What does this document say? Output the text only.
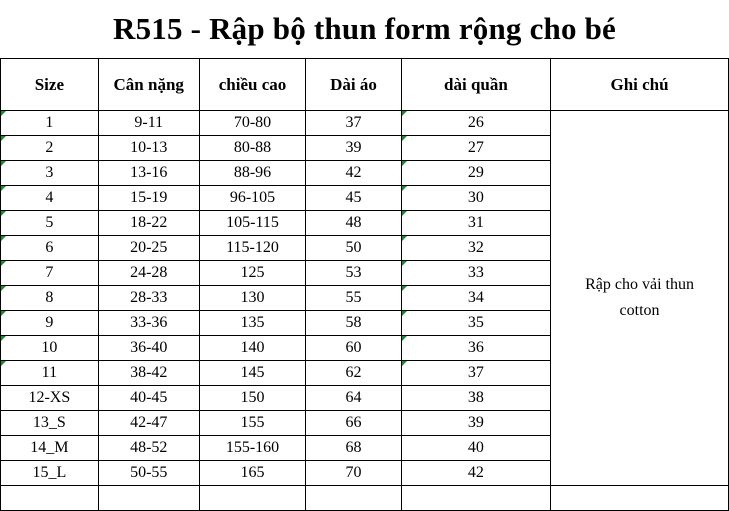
R515 - Rập bộ thun form rộng cho bé
Size	Cân nặng	chiều cao	Dài áo	dài quần	Ghi chú
1	9-11	70-80	37	26	Rập cho vải thun cotton
2	10-13	80-88	39	27	
3	13-16	88-96	42	29	
4	15-19	96-105	45	30	
5	18-22	105-115	48	31	
6	20-25	115-120	50	32	
7	24-28	125	53	33	
8	28-33	130	55	34	
9	33-36	135	58	35	
10	36-40	140	60	36	
11	38-42	145	62	37	
12-XS	40-45	150	64	38	
13_S	42-47	155	66	39	
14_M	48-52	155-160	68	40	
15_L	50-55	165	70	42	
